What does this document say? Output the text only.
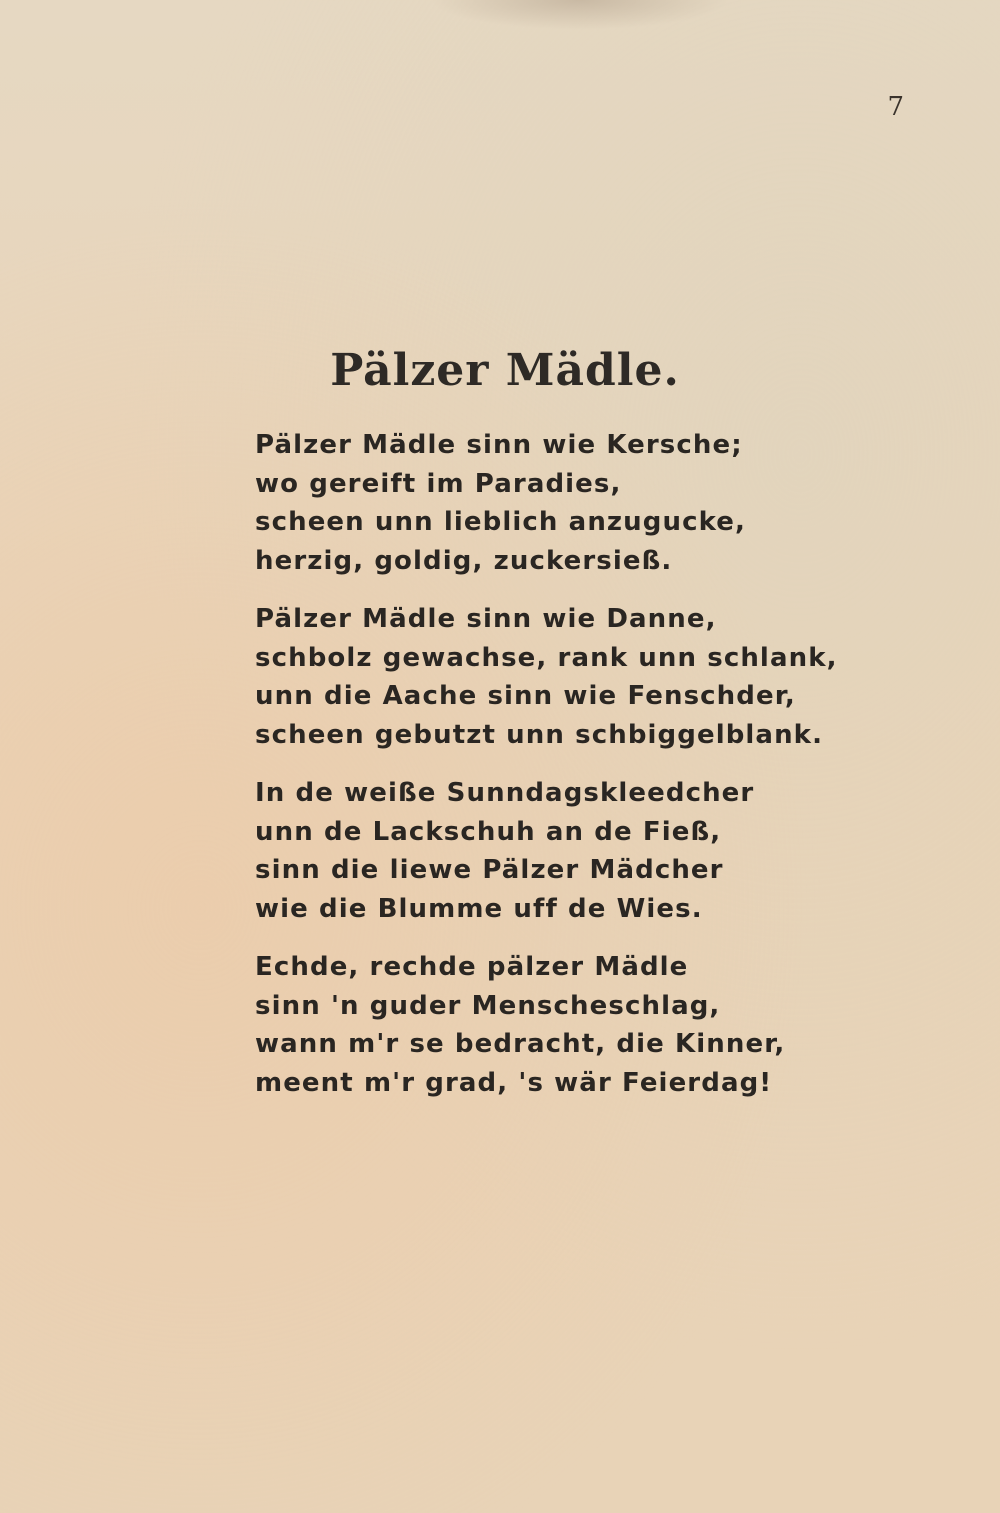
7
Pälzer Mädle.
Pälzer Mädle sinn wie Kersche;
wo gereift im Paradies,
scheen unn lieblich anzugucke,
herzig, goldig, zuckersieß.
Pälzer Mädle sinn wie Danne,
schbolz gewachse, rank unn schlank,
unn die Aache sinn wie Fenschder,
scheen gebutzt unn schbiggelblank.
In de weiße Sunndagskleedcher
unn de Lackschuh an de Fieß,
sinn die liewe Pälzer Mädcher
wie die Blumme uff de Wies.
Echde, rechde pälzer Mädle
sinn 'n guder Menscheschlag,
wann m'r se bedracht, die Kinner,
meent m'r grad, 's wär Feierdag!
